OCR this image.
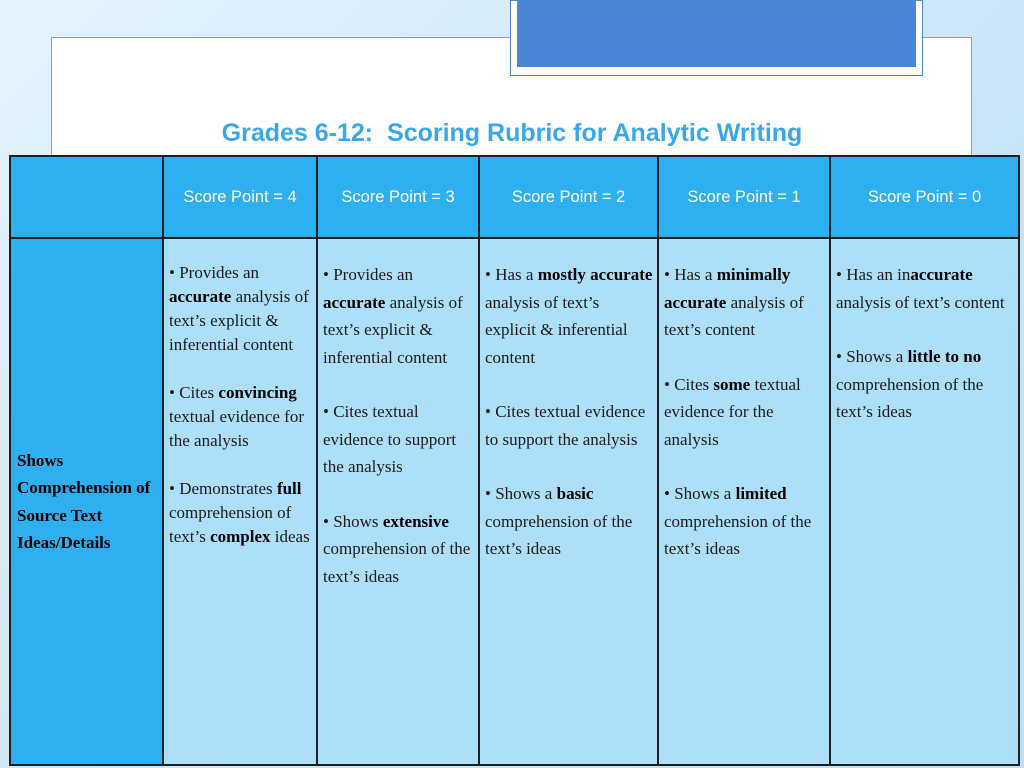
Grades 6-12:  Scoring Rubric for Analytic Writing
	Score Point = 4	Score Point = 3	Score Point = 2	Score Point = 1	Score Point = 0
Shows Comprehension of Source Text Ideas/Details	• Provides an accurate analysis of text’s explicit & inferential content
• Cites convincing textual evidence for the analysis
• Demonstrates full comprehension of text’s complex ideas	• Provides an accurate analysis of text’s explicit & inferential content
• Cites textual evidence to support the analysis
• Shows extensive comprehension of the text’s ideas	• Has a mostly accurate analysis of text’s explicit & inferential content
• Cites textual evidence to support the analysis
• Shows a basic comprehension of the text’s ideas	• Has a minimally accurate analysis of text’s content
• Cites some textual evidence for the analysis
• Shows a limited comprehension of the text’s ideas	• Has an inaccurate analysis of text’s content
• Shows a little to no comprehension of the text’s ideas
